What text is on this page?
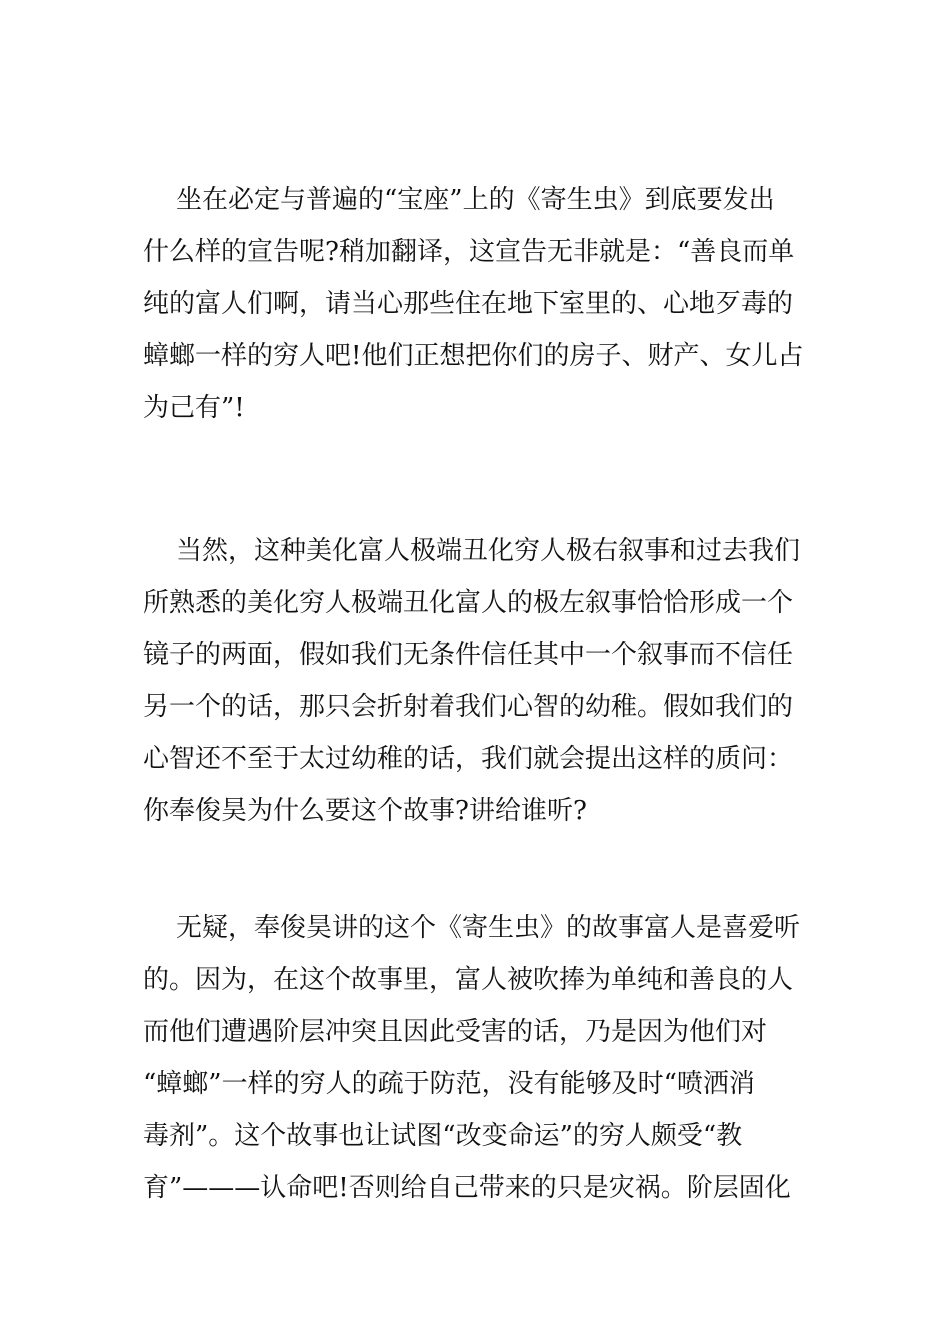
坐在必定与普遍的“宝座”上的《寄生虫》到底要发出
什么样的宣告呢?稍加翻译，这宣告无非就是：“善良而单
纯的富人们啊，请当心那些住在地下室里的、心地歹毒的
蟑螂一样的穷人吧!他们正想把你们的房子、财产、女儿占
为己有”!

当然，这种美化富人极端丑化穷人极右叙事和过去我们
所熟悉的美化穷人极端丑化富人的极左叙事恰恰形成一个
镜子的两面，假如我们无条件信任其中一个叙事而不信任
另一个的话，那只会折射着我们心智的幼稚。假如我们的
心智还不至于太过幼稚的话，我们就会提出这样的质问：
你奉俊昊为什么要这个故事?讲给谁听?

无疑，奉俊昊讲的这个《寄生虫》的故事富人是喜爱听
的。因为，在这个故事里，富人被吹捧为单纯和善良的人
而他们遭遇阶层冲突且因此受害的话，乃是因为他们对
“蟑螂”一样的穷人的疏于防范，没有能够及时“喷洒消
毒剂”。这个故事也让试图“改变命运”的穷人颇受“教
育”———认命吧!否则给自己带来的只是灾祸。阶层固化
